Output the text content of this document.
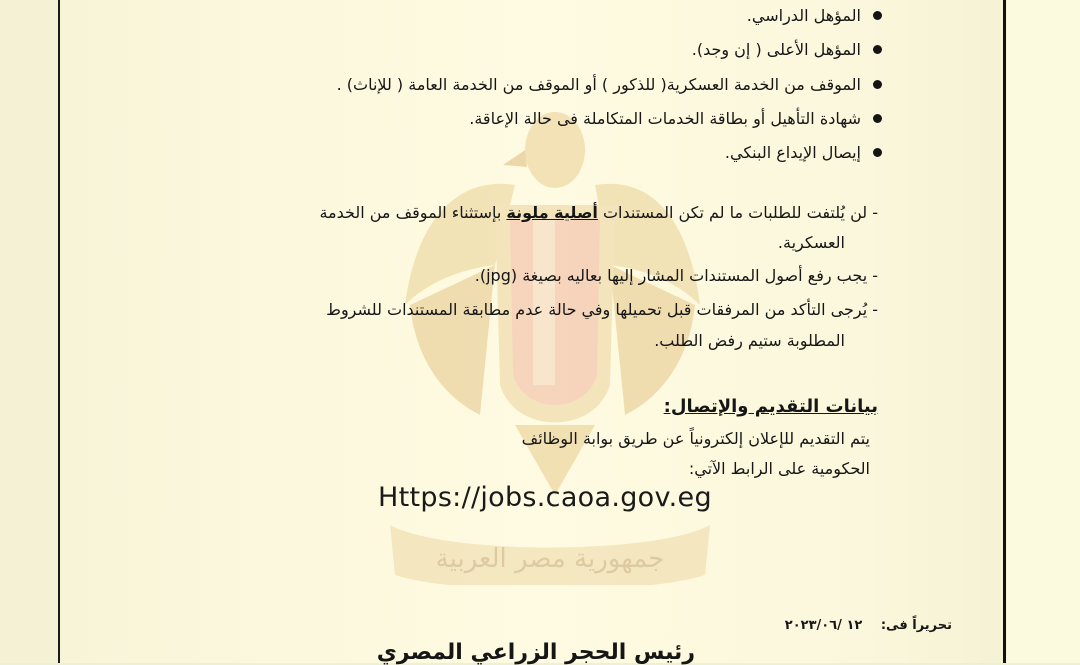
جمهورية مصر العربية
المؤهل الدراسي.
المؤهل الأعلى ( إن وجد).
الموقف من الخدمة العسكرية( للذكور ) أو الموقف من الخدمة العامة ( للإناث) .
شهادة التأهيل أو بطاقة الخدمات المتكاملة فى حالة الإعاقة.
إيصال الإيداع البنكي.
- لن يُلتفت للطلبات ما لم تكن المستندات أصلية ملونة بإستثناء الموقف من الخدمة
العسكرية.
- يجب رفع أصول المستندات المشار إليها بعاليه بصيغة (jpg).
- يُرجى التأكد من المرفقات قبل تحميلها وفي حالة عدم مطابقة المستندات للشروط
المطلوبة ستيم رفض الطلب.
بيانات التقديم والإتصال:
يتم التقديم للإعلان إلكترونياً عن طريق بوابة الوظائف
الحكومية على الرابط الآتي:
Https://jobs.caoa.gov.eg
تحريراً فى: ١٢ /٢٠٢٣/٠٦
رئيس الحجر الزراعي المصري
